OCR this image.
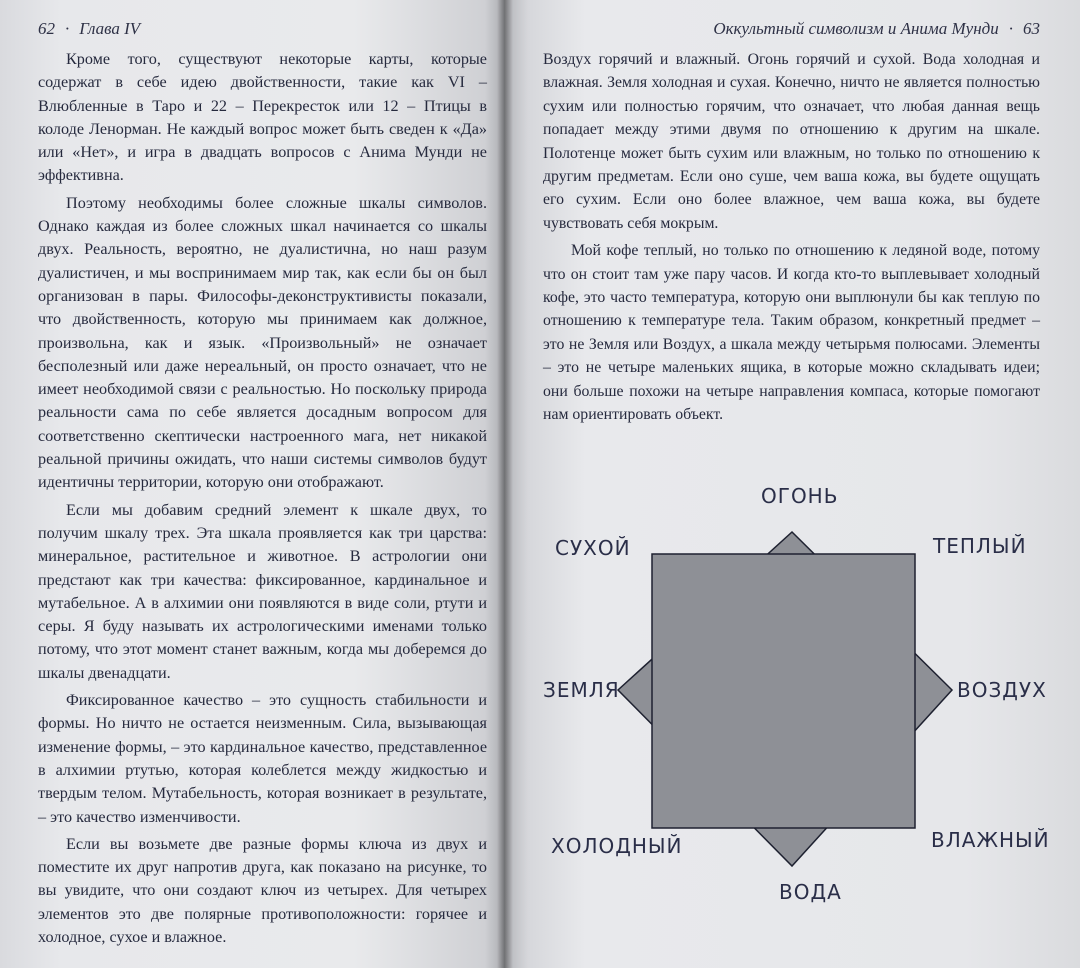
62 · Глава IV

Кроме того, существуют некоторые карты, которые содержат в себе идею двойственности, такие как VI – Влюбленные в Таро и 22 – Перекресток или 12 – Птицы в колоде Ленорман. Не каждый вопрос может быть сведен к «Да» или «Нет», и игра в двадцать вопросов с Анима Мунди не эффективна.

Поэтому необходимы более сложные шкалы символов. Однако каждая из более сложных шкал начинается со шкалы двух. Реальность, вероятно, не дуалистична, но наш разум дуалистичен, и мы воспринимаем мир так, как если бы он был организован в пары. Философы-деконструктивисты показали, что двойственность, которую мы принимаем как должное, произвольна, как и язык. «Произвольный» не означает бесполезный или даже нереальный, он просто означает, что не имеет необходимой связи с реальностью. Но поскольку природа реальности сама по себе является досадным вопросом для соответственно скептически настроенного мага, нет никакой реальной причины ожидать, что наши системы символов будут идентичны территории, которую они отображают.

Если мы добавим средний элемент к шкале двух, то получим шкалу трех. Эта шкала проявляется как три царства: минеральное, растительное и животное. В астрологии они предстают как три качества: фиксированное, кардинальное и мутабельное. А в алхимии они появляются в виде соли, ртути и серы. Я буду называть их астрологическими именами только потому, что этот момент станет важным, когда мы доберемся до шкалы двенадцати.

Фиксированное качество – это сущность стабильности и формы. Но ничто не остается неизменным. Сила, вызывающая изменение формы, – это кардинальное качество, представленное в алхимии ртутью, которая колеблется между жидкостью и твердым телом. Мутабельность, которая возникает в результате, – это качество изменчивости.

Если вы возьмете две разные формы ключа из двух и поместите их друг напротив друга, как показано на рисунке, то вы увидите, что они создают ключ из четырех. Для четырех элементов это две полярные противоположности: горячее и холодное, сухое и влажное.

Оккультный символизм и Анима Мунди · 63

Воздух горячий и влажный. Огонь горячий и сухой. Вода холодная и влажная. Земля холодная и сухая. Конечно, ничто не является полностью сухим или полностью горячим, что означает, что любая данная вещь попадает между этими двумя по отношению к другим на шкале. Полотенце может быть сухим или влажным, но только по отношению к другим предметам. Если оно суше, чем ваша кожа, вы будете ощущать его сухим. Если оно более влажное, чем ваша кожа, вы будете чувствовать себя мокрым.

Мой кофе теплый, но только по отношению к ледяной воде, потому что он стоит там уже пару часов. И когда кто-то выплевывает холодный кофе, это часто температура, которую они выплюнули бы как теплую по отношению к температуре тела. Таким образом, конкретный предмет – это не Земля или Воздух, а шкала между четырьмя полюсами. Элементы – это не четыре маленьких ящика, в которые можно складывать идеи; они больше похожи на четыре направления компаса, которые помогают нам ориентировать объект.

ОГОНЬ
СУХОЙ	ТЕПЛЫЙ
ЗЕМЛЯ	ВОЗДУХ
ХОЛОДНЫЙ	ВЛАЖНЫЙ
ВОДА
